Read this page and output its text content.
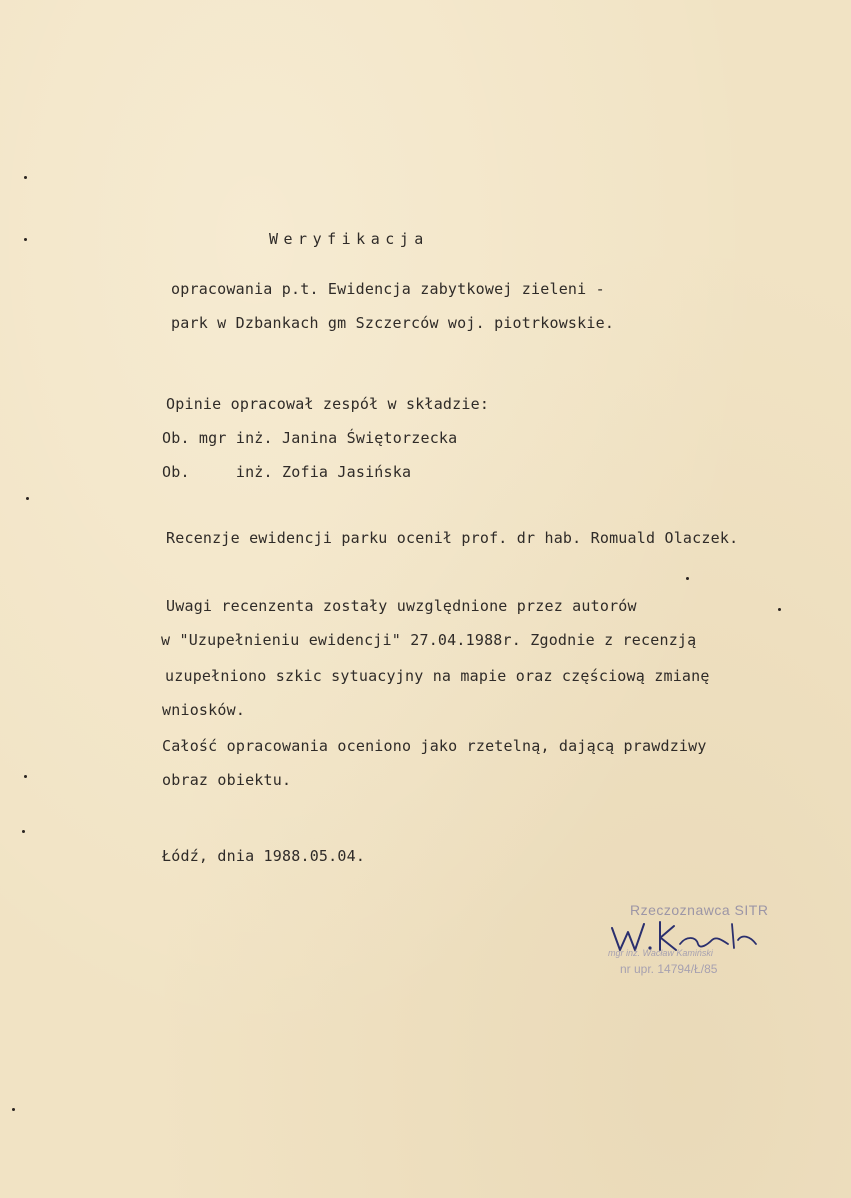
Weryfikacja
opracowania p.t. Ewidencja zabytkowej zieleni -
park w Dzbankach gm Szczerców woj. piotrkowskie.
Opinie opracował zespół w składzie:
Ob. mgr inż. Janina Świętorzecka
Ob.     inż. Zofia Jasińska
Recenzje ewidencji parku ocenił prof. dr hab. Romuald Olaczek.
Uwagi recenzenta zostały uwzględnione przez autorów
w "Uzupełnieniu ewidencji" 27.04.1988r. Zgodnie z recenzją
uzupełniono szkic sytuacyjny na mapie oraz częściową zmianę
wniosków.
Całość opracowania oceniono jako rzetelną, dającą prawdziwy
obraz obiektu.
Łódź, dnia 1988.05.04.
Rzeczoznawca SITR
mgr inż. Wacław Kamiński
nr upr. 14794/Ł/85
